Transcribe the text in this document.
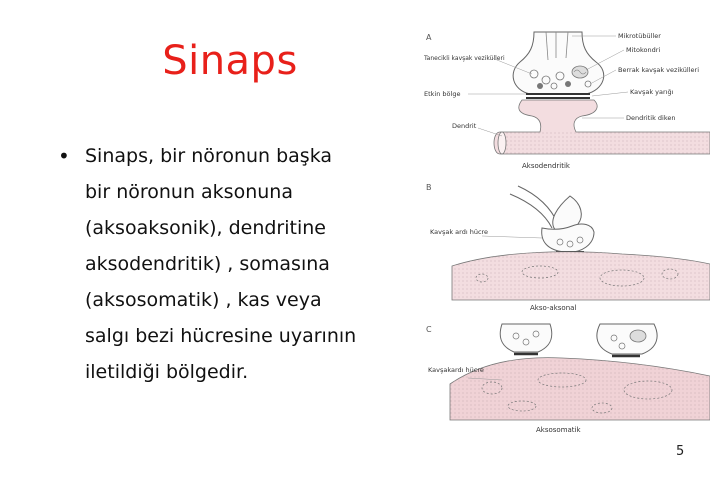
Sinaps
• Sinaps, bir nöronun başka
bir nöronun aksonuna
(aksoaksonik), dendritine
aksodendritik) , somasına
(aksosomatik) , kas veya
salgı bezi hücresine uyarının
iletildiği bölgedir.
A	Mikrotübüller
Tanecikli kavşak vezikülleri
Mitokondri
Berrak kavşak vezikülleri
Etkin bölge	Kavşak yarığı
Dendritik diken
Dendrit
Aksodendritik
B
Kavşak ardı hücre
Akso-aksonal
C
Kavşakardı hücre
Aksosomatik
5
